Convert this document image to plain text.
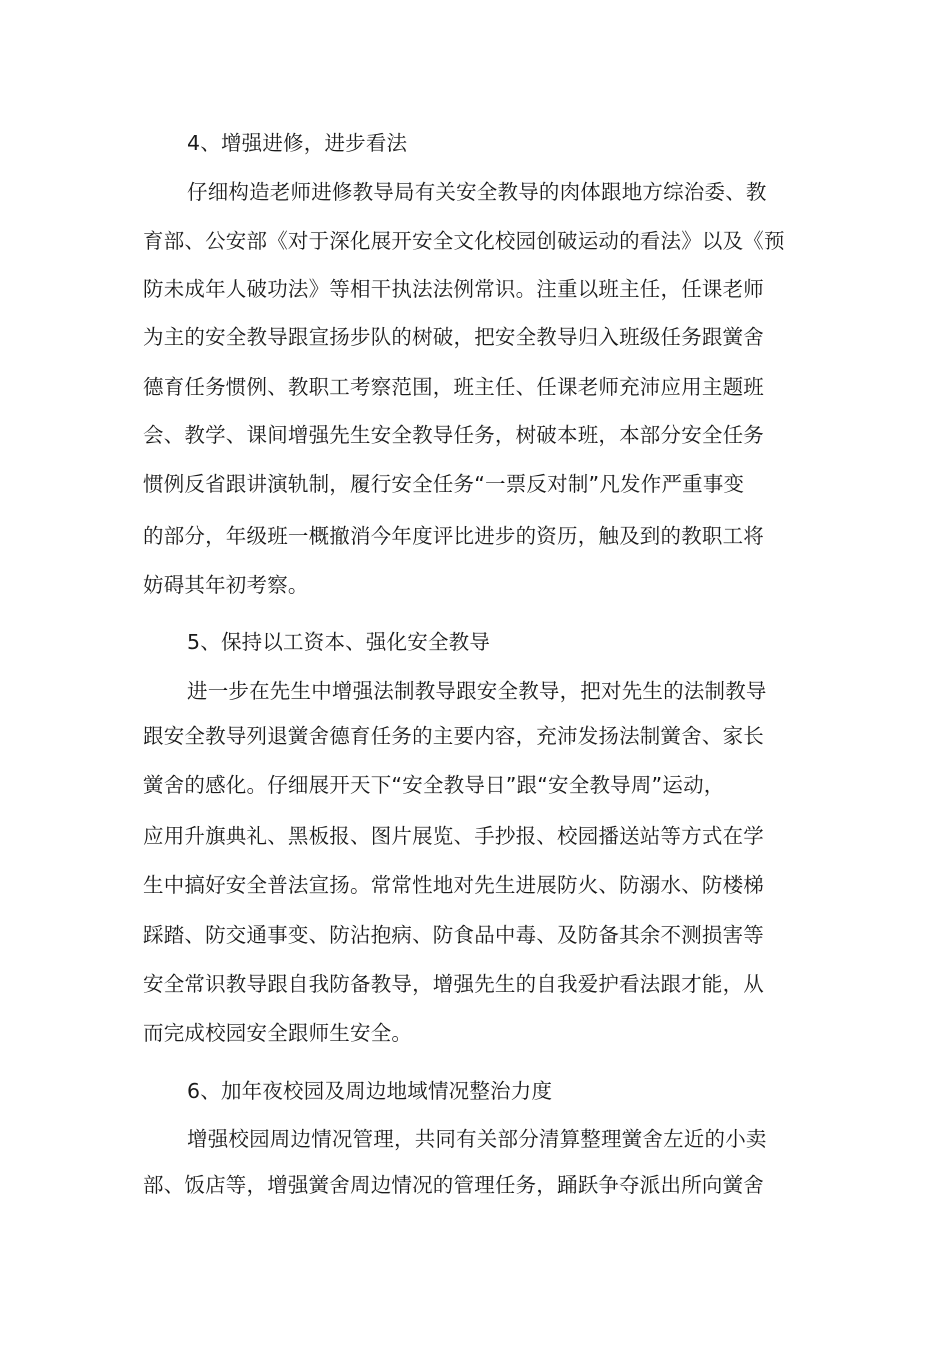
4、增强进修，进步看法
仔细构造老师进修教导局有关安全教导的肉体跟地方综治委、教
育部、公安部《对于深化展开安全文化校园创破运动的看法》以及《预
防未成年人破功法》等相干执法法例常识。注重以班主任，任课老师
为主的安全教导跟宣扬步队的树破，把安全教导归入班级任务跟黉舍
德育任务惯例、教职工考察范围，班主任、任课老师充沛应用主题班
会、教学、课间增强先生安全教导任务，树破本班，本部分安全任务
惯例反省跟讲演轨制，履行安全任务“一票反对制”凡发作严重事变
的部分，年级班一概撤消今年度评比进步的资历，触及到的教职工将
妨碍其年初考察。
5、保持以工资本、强化安全教导
进一步在先生中增强法制教导跟安全教导，把对先生的法制教导
跟安全教导列退黉舍德育任务的主要内容，充沛发扬法制黉舍、家长
黉舍的感化。仔细展开天下“安全教导日”跟“安全教导周”运动，
应用升旗典礼、黑板报、图片展览、手抄报、校园播送站等方式在学
生中搞好安全普法宣扬。常常性地对先生进展防火、防溺水、防楼梯
踩踏、防交通事变、防沾抱病、防食品中毒、及防备其余不测损害等
安全常识教导跟自我防备教导，增强先生的自我爱护看法跟才能，从
而完成校园安全跟师生安全。
6、加年夜校园及周边地域情况整治力度
增强校园周边情况管理，共同有关部分清算整理黉舍左近的小卖
部、饭店等，增强黉舍周边情况的管理任务，踊跃争夺派出所向黉舍
